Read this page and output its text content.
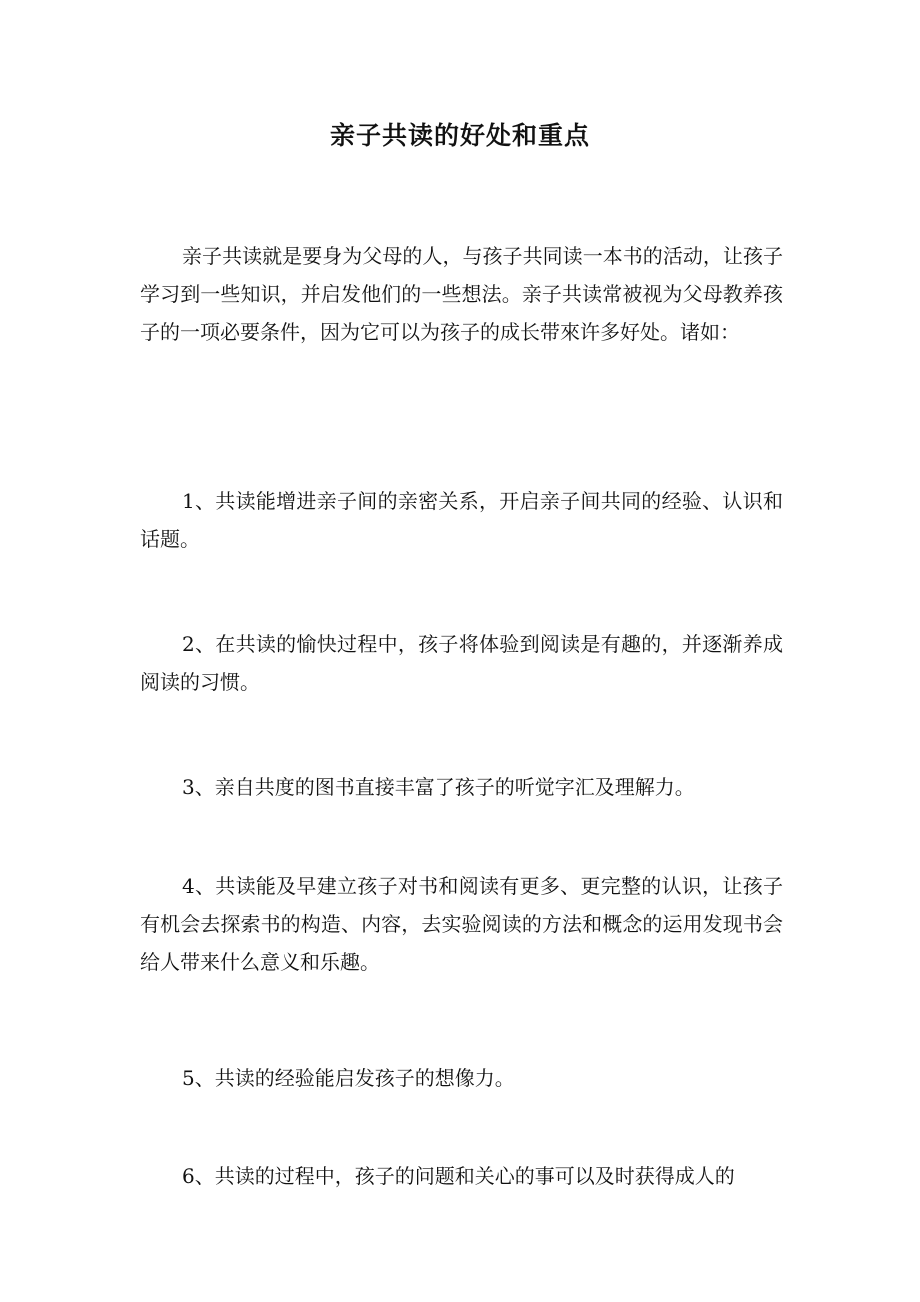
亲子共读的好处和重点

亲子共读就是要身为父母的人，与孩子共同读一本书的活动，让孩子学习到一些知识，并启发他们的一些想法。亲子共读常被视为父母教养孩子的一项必要条件，因为它可以为孩子的成长带來许多好处。诸如：

1、共读能增进亲子间的亲密关系，开启亲子间共同的经验、认识和话题。

2、在共读的愉快过程中，孩子将体验到阅读是有趣的，并逐渐养成阅读的习惯。

3、亲自共度的图书直接丰富了孩子的听觉字汇及理解力。

4、共读能及早建立孩子对书和阅读有更多、更完整的认识，让孩子有机会去探索书的构造、内容，去实验阅读的方法和概念的运用发现书会给人带来什么意义和乐趣。

5、共读的经验能启发孩子的想像力。

6、共读的过程中，孩子的问题和关心的事可以及时获得成人的
